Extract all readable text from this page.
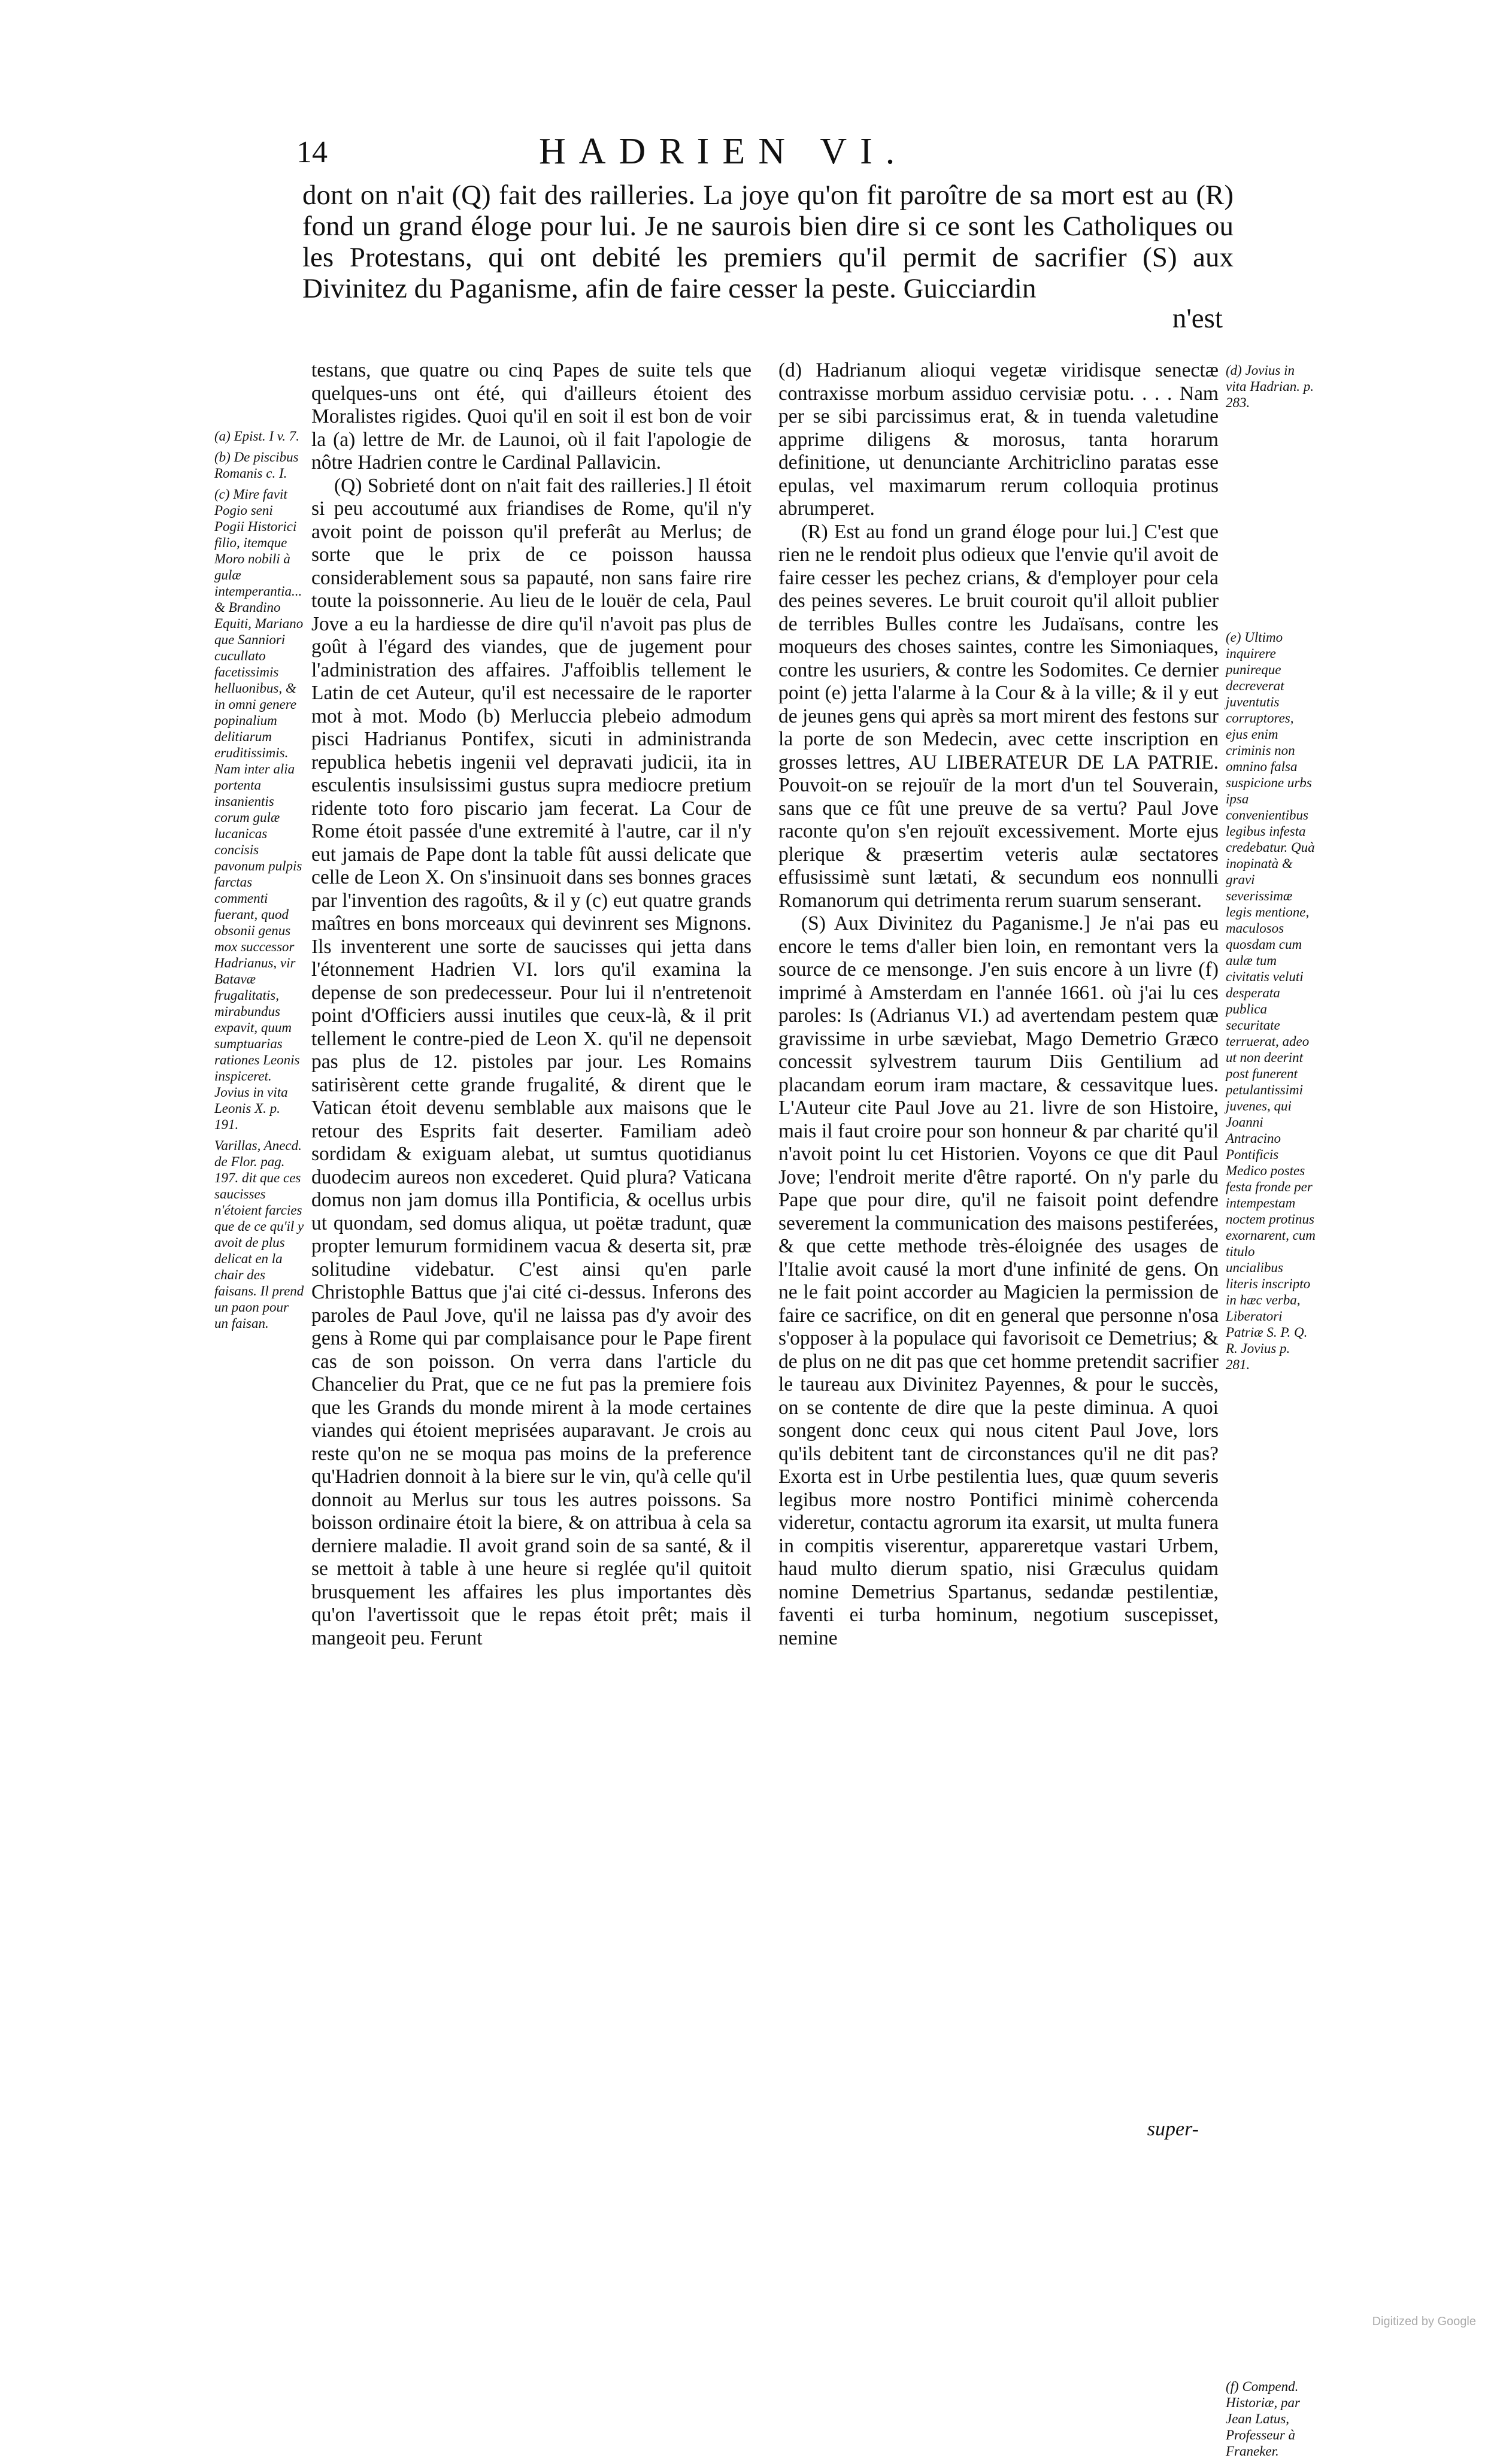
14	HADRIEN VI.
dont on n'ait (Q) fait des railleries. La joye qu'on fit paroître de sa mort est au (R) fond un grand éloge pour lui. Je ne saurois bien dire si ce sont les Catholiques ou les Protestans, qui ont debité les premiers qu'il permit de sacrifier (S) aux Divinitez du Paganisme, afin de faire cesser la peste. Guicciardin
n'est
(a) Epist. I v. 7.
(b) De piscibus Romanis c. I.
(c) Mire favit Pogio seni Pogii Historici filio, itemque Moro nobili à gulæ intemperantia... & Brandino Equiti, Mariano que Sanniori cucullato facetissimis helluonibus, & in omni genere popinalium delitiarum eruditissimis. Nam inter alia portenta insanientis corum gulæ lucanicas concisis pavonum pulpis farctas commenti fuerant, quod obsonii genus mox successor Hadrianus, vir Batavæ frugalitatis, mirabundus expavit, quum sumptuarias rationes Leonis inspiceret. Jovius in vita Leonis X. p. 191.
Varillas, Anecd. de Flor. pag. 197. dit que ces saucisses n'étoient farcies que de ce qu'il y avoit de plus delicat en la chair des faisans. Il prend un paon pour un faisan.

testans, que quatre ou cinq Papes de suite tels que quelques-uns ont été, qui d'ailleurs étoient des Moralistes rigides. Quoi qu'il en soit il est bon de voir la (a) lettre de Mr. de Launoi, où il fait l'apologie de nôtre Hadrien contre le Cardinal Pallavicin.

(Q) Sobrieté dont on n'ait fait des railleries.] Il étoit si peu accoutumé aux friandises de Rome, qu'il n'y avoit point de poisson qu'il preferât au Merlus; de sorte que le prix de ce poisson haussa considerablement sous sa papauté, non sans faire rire toute la poissonnerie. Au lieu de le louër de cela, Paul Jove a eu la hardiesse de dire qu'il n'avoit pas plus de goût à l'égard des viandes, que de jugement pour l'administration des affaires. J'affoiblis tellement le Latin de cet Auteur, qu'il est necessaire de le raporter mot à mot. Modo (b) Merluccia plebeio admodum pisci Hadrianus Pontifex, sicuti in administranda republica hebetis ingenii vel depravati judicii, ita in esculentis insulsissimi gustus supra mediocre pretium ridente toto foro piscario jam fecerat. La Cour de Rome étoit passée d'une extremité à l'autre, car il n'y eut jamais de Pape dont la table fût aussi delicate que celle de Leon X. On s'insinuoit dans ses bonnes graces par l'invention des ragoûts, & il y (c) eut quatre grands maîtres en bons morceaux qui devinrent ses Mignons. Ils inventerent une sorte de saucisses qui jetta dans l'étonnement Hadrien VI. lors qu'il examina la depense de son predecesseur. Pour lui il n'entretenoit point d'Officiers aussi inutiles que ceux-là, & il prit tellement le contre-pied de Leon X. qu'il ne depensoit pas plus de 12. pistoles par jour. Les Romains satirisèrent cette grande frugalité, & dirent que le Vatican étoit devenu semblable aux maisons que le retour des Esprits fait deserter. Familiam adeò sordidam & exiguam alebat, ut sumtus quotidianus duodecim aureos non excederet. Quid plura? Vaticana domus non jam domus illa Pontificia, & ocellus urbis ut quondam, sed domus aliqua, ut poëtæ tradunt, quæ propter lemurum formidinem vacua & deserta sit, præ solitudine videbatur. C'est ainsi qu'en parle Christophle Battus que j'ai cité ci-dessus. Inferons des paroles de Paul Jove, qu'il ne laissa pas d'y avoir des gens à Rome qui par complaisance pour le Pape firent cas de son poisson. On verra dans l'article du Chancelier du Prat, que ce ne fut pas la premiere fois que les Grands du monde mirent à la mode certaines viandes qui étoient meprisées auparavant. Je crois au reste qu'on ne se moqua pas moins de la preference qu'Hadrien donnoit à la biere sur le vin, qu'à celle qu'il donnoit au Merlus sur tous les autres poissons. Sa boisson ordinaire étoit la biere, & on attribua à cela sa derniere maladie. Il avoit grand soin de sa santé, & il se mettoit à table à une heure si reglée qu'il quitoit brusquement les affaires les plus importantes dès qu'on l'avertissoit que le repas étoit prêt; mais il mangeoit peu. Ferunt

(d) Hadrianum alioqui vegetæ viridisque senectæ contraxisse morbum assiduo cervisiæ potu. . . . Nam per se sibi parcissimus erat, & in tuenda valetudine apprime diligens & morosus, tanta horarum definitione, ut denunciante Architriclino paratas esse epulas, vel maximarum rerum colloquia protinus abrumperet.

(R) Est au fond un grand éloge pour lui.] C'est que rien ne le rendoit plus odieux que l'envie qu'il avoit de faire cesser les pechez crians, & d'employer pour cela des peines severes. Le bruit couroit qu'il alloit publier de terribles Bulles contre les Judaïsans, contre les moqueurs des choses saintes, contre les Simoniaques, contre les usuriers, & contre les Sodomites. Ce dernier point (e) jetta l'alarme à la Cour & à la ville; & il y eut de jeunes gens qui après sa mort mirent des festons sur la porte de son Medecin, avec cette inscription en grosses lettres, AU LIBERATEUR DE LA PATRIE. Pouvoit-on se rejouïr de la mort d'un tel Souverain, sans que ce fût une preuve de sa vertu? Paul Jove raconte qu'on s'en rejouït excessivement. Morte ejus plerique & præsertim veteris aulæ sectatores effusissimè sunt lætati, & secundum eos nonnulli Romanorum qui detrimenta rerum suarum senserant.

(S) Aux Divinitez du Paganisme.] Je n'ai pas eu encore le tems d'aller bien loin, en remontant vers la source de ce mensonge. J'en suis encore à un livre (f) imprimé à Amsterdam en l'année 1661. où j'ai lu ces paroles: Is (Adrianus VI.) ad avertendam pestem quæ gravissime in urbe sæviebat, Mago Demetrio Græco concessit sylvestrem taurum Diis Gentilium ad placandam eorum iram mactare, & cessavitque lues. L'Auteur cite Paul Jove au 21. livre de son Histoire, mais il faut croire pour son honneur & par charité qu'il n'avoit point lu cet Historien. Voyons ce que dit Paul Jove; l'endroit merite d'être raporté. On n'y parle du Pape que pour dire, qu'il ne faisoit point defendre severement la communication des maisons pestiferées, & que cette methode très-éloignée des usages de l'Italie avoit causé la mort d'une infinité de gens. On ne le fait point accorder au Magicien la permission de faire ce sacrifice, on dit en general que personne n'osa s'opposer à la populace qui favorisoit ce Demetrius; & de plus on ne dit pas que cet homme pretendit sacrifier le taureau aux Divinitez Payennes, & pour le succès, on se contente de dire que la peste diminua. A quoi songent donc ceux qui nous citent Paul Jove, lors qu'ils debitent tant de circonstances qu'il ne dit pas? Exorta est in Urbe pestilentia lues, quæ quum severis legibus more nostro Pontifici minimè cohercenda videretur, contactu agrorum ita exarsit, ut multa funera in compitis viserentur, appareretque vastari Urbem, haud multo dierum spatio, nisi Græculus quidam nomine Demetrius Spartanus, sedandæ pestilentiæ, faventi ei turba hominum, negotium suscepisset, nemine

(d) Jovius in vita Hadrian. p. 283.
(e) Ultimo inquirere punireque decreverat juventutis corruptores, ejus enim criminis non omnino falsa suspicione urbs ipsa convenientibus legibus infesta credebatur. Quà inopinatà & gravi severissimæ legis mentione, maculosos quosdam cum aulæ tum civitatis veluti desperata publica securitate terruerat, adeo ut non deerint post funerent petulantissimi juvenes, qui Joanni Antracino Pontificis Medico postes festa fronde per intempestam noctem protinus exornarent, cum titulo uncialibus literis inscripto in hæc verba, Liberatori Patriæ S. P. Q. R. Jovius p. 281.
(f) Compend. Historiæ, par Jean Latus, Professeur à Franeker.
super-
Digitized by Google
